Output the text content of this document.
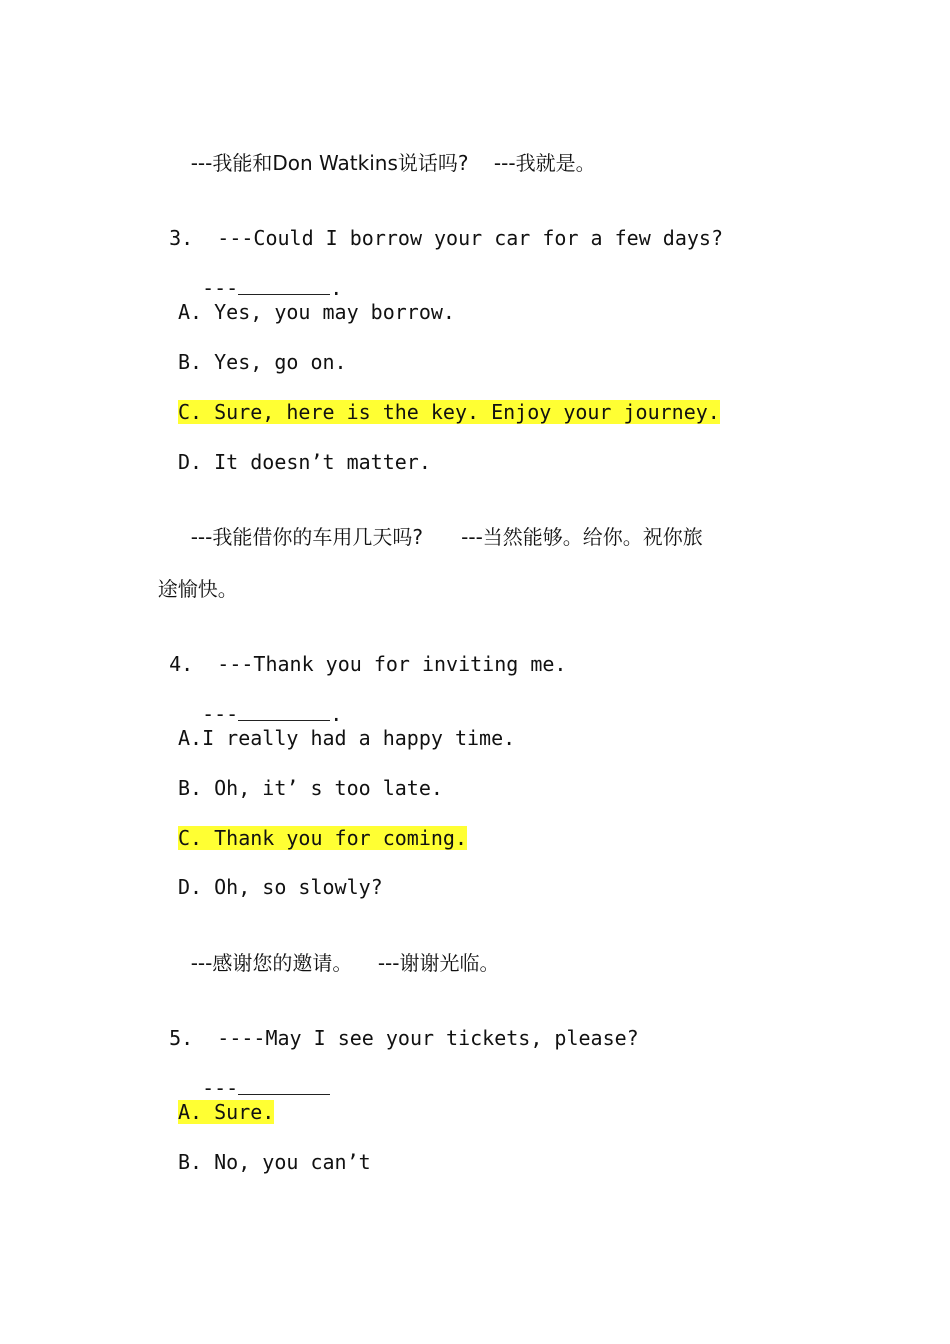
---我能和Don Watkins说话吗? ---我就是。

3. ---Could I borrow your car for a few days?

---	.

A. Yes, you may borrow.
B. Yes, go on.
C. Sure, here is the key. Enjoy your journey.
D. It doesn’t matter.

---我能借你的车用几天吗? ---当然能够。给你。祝你旅

途愉快。

4. ---Thank you for inviting me.

---	.

A.I really had a happy time.
B. Oh, it’ s too late.
C. Thank you for coming.
D. Oh, so slowly?

---感谢您的邀请。 ---谢谢光临。

5. ----May I see your tickets, please?

---

A. Sure.
B. No, you can’t
